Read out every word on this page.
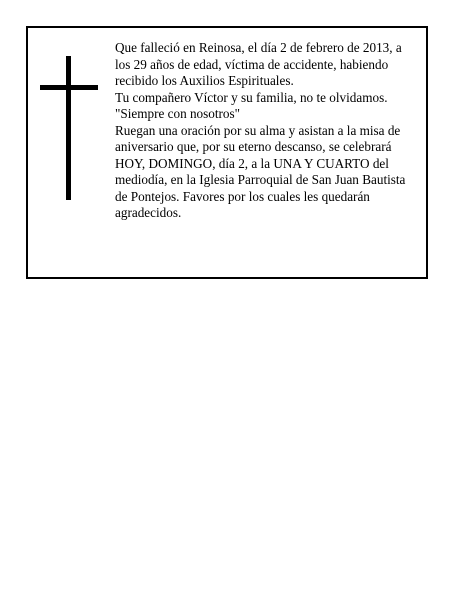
Que falleció en Reinosa, el día 2 de febrero de 2013, a los 29 años de edad, víctima de accidente, habiendo recibido los Auxilios Espirituales.

Tu compañero Víctor y su familia, no te olvidamos.

"Siempre con nosotros"

Ruegan una oración por su alma y asistan a la misa de aniversario que, por su eterno descanso, se celebrará HOY, DOMINGO, día 2, a la UNA Y CUARTO del mediodía, en la Iglesia Parroquial de San Juan Bautista de Pontejos. Favores por los cuales les quedarán agradecidos.
